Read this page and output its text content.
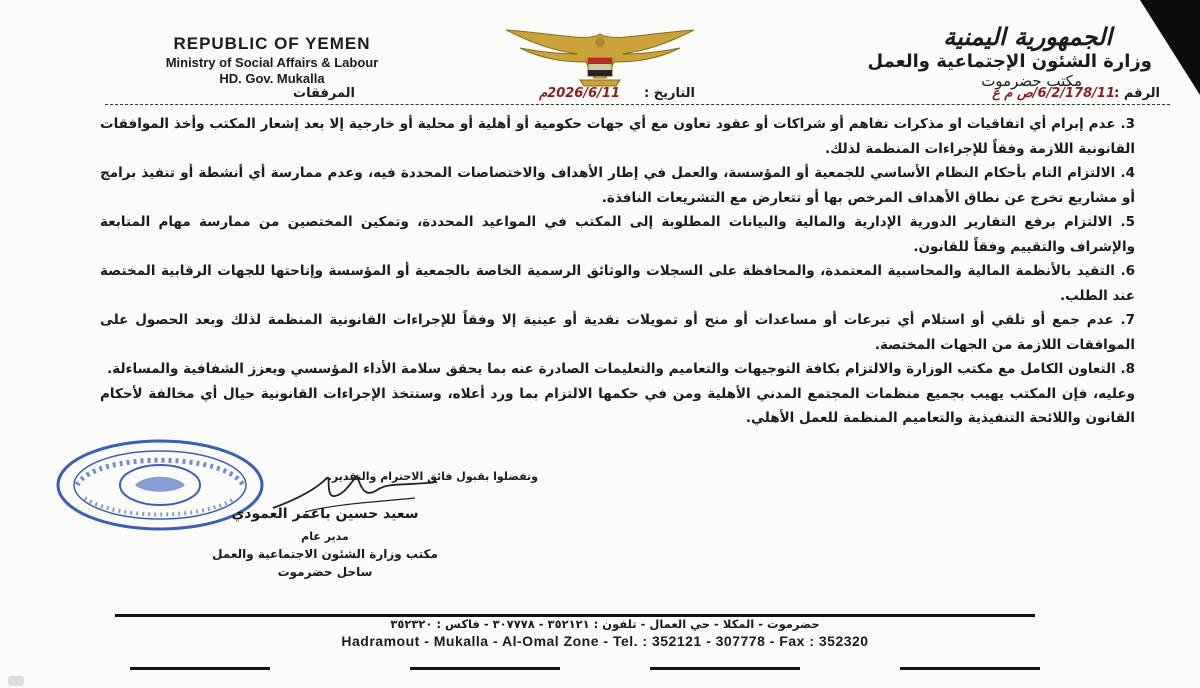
REPUBLIC OF YEMEN
Ministry of Social Affairs & Labour
HD. Gov. Mukalla
الجمهورية اليمنية
وزارة الشئون الإجتماعية والعمل
مكتب حضرموت
الرقم :
6/2/178/11/ص م ع
التاريخ :
2026/6/11م
المرفقات

3. عدم إبرام أي اتفاقيات او مذكرات تفاهم أو شراكات أو عقود تعاون مع أي جهات حكومية أو أهلية أو محلية أو خارجية إلا بعد إشعار المكتب وأخذ الموافقات القانونية اللازمة وفقاً للإجراءات المنظمة لذلك.

4. الالتزام التام بأحكام النظام الأساسي للجمعية أو المؤسسة، والعمل في إطار الأهداف والاختصاصات المحددة فيه، وعدم ممارسة أي أنشطة أو تنفيذ برامج أو مشاريع تخرج عن نطاق الأهداف المرخص بها أو تتعارض مع التشريعات النافذة.

5. الالتزام برفع التقارير الدورية الإدارية والمالية والبيانات المطلوبة إلى المكتب في المواعيد المحددة، وتمكين المختصين من ممارسة مهام المتابعة والإشراف والتقييم وفقاً للقانون.

6. التقيد بالأنظمة المالية والمحاسبية المعتمدة، والمحافظة على السجلات والوثائق الرسمية الخاصة بالجمعية أو المؤسسة وإتاحتها للجهات الرقابية المختصة عند الطلب.

7. عدم جمع أو تلقي أو استلام أي تبرعات أو مساعدات أو منح أو تمويلات نقدية أو عينية إلا وفقاً للإجراءات القانونية المنظمة لذلك وبعد الحصول على الموافقات اللازمة من الجهات المختصة.

8. التعاون الكامل مع مكتب الوزارة والالتزام بكافة التوجيهات والتعاميم والتعليمات الصادرة عنه بما يحقق سلامة الأداء المؤسسي ويعزز الشفافية والمساءلة.

وعليه، فإن المكتب يهيب بجميع منظمات المجتمع المدني الأهلية ومن في حكمها الالتزام بما ورد أعلاه، وستتخذ الإجراءات القانونية حيال أي مخالفة لأحكام القانون واللائحة التنفيذية والتعاميم المنظمة للعمل الأهلي.

وتفضلوا بقبول فائق الاحترام والتقدير..
سعيد حسين باعمر العمودي
مدير عام
مكتب وزارة الشئون الاجتماعية والعمل
ساحل حضرموت
حضرموت - المكلا - حي العمال - تلفون : ٣٥٢١٢١ - ٣٠٧٧٧٨ - فاكس : ٣٥٢٣٢٠
Hadramout - Mukalla - Al-Omal Zone - Tel. : 352121 - 307778 - Fax : 352320
